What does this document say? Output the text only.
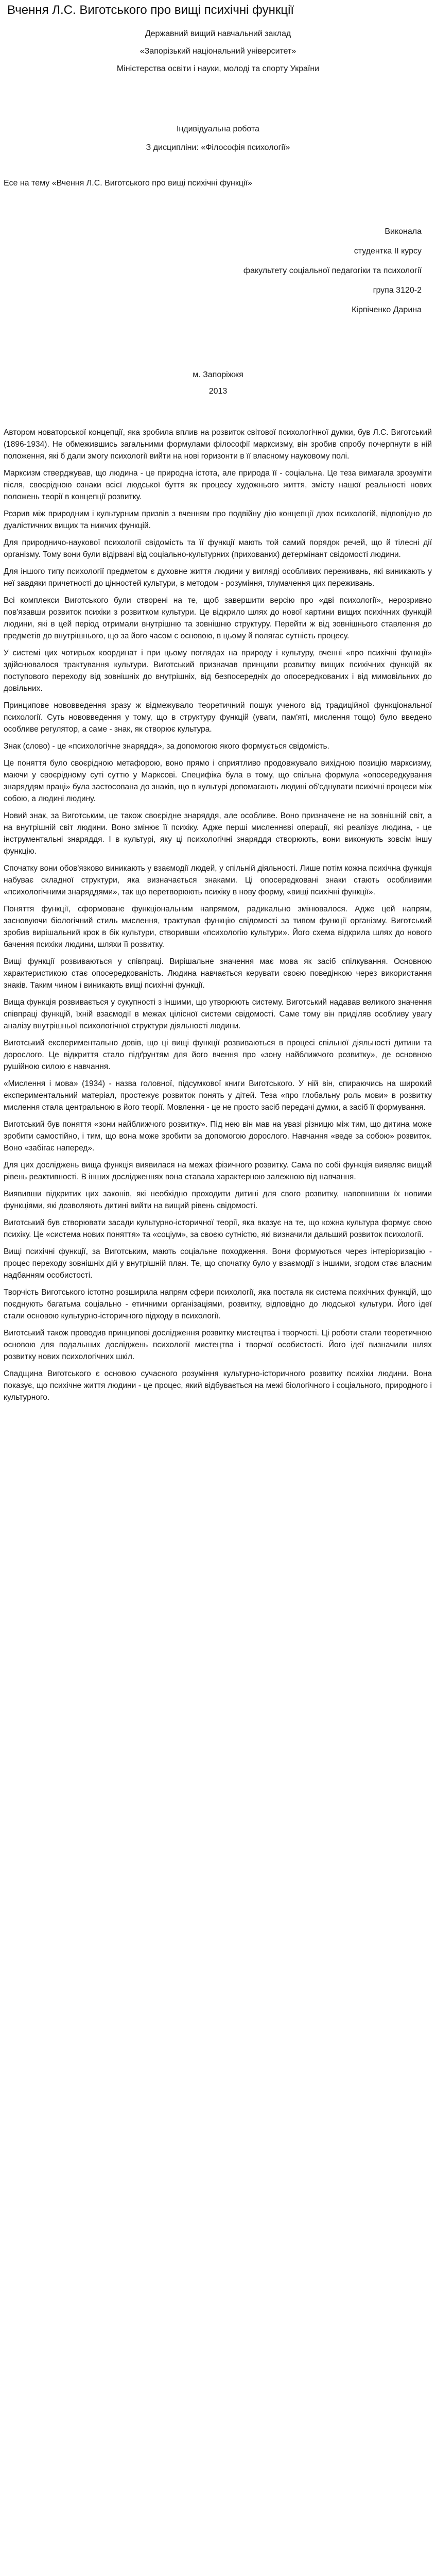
Вчення Л.С. Виготського про вищі психічні функції

Державний вищий навчальний заклад

«Запорізький національний університет»

Міністерства освіти і науки, молоді та спорту України

Індивідуальна робота

З дисципліни: «Філософія психології»

Есе на тему «Вчення Л.С. Виготського про вищі психічні функції»

Виконала

студентка ІІ курсу

факультету соціальної педагогіки та психології

група 3120-2

Кірпіченко Дарина

м. Запоріжжя

2013

Автором новаторської концепції, яка зробила вплив на розвиток світової психологічної думки, був Л.С. Виготський (1896-1934). Не обмежившись загальними формулами філософії марксизму, він зробив спробу почерпнути в ній положення, які б дали змогу психології вийти на нові горизонти в її власному науковому полі.

Марксизм стверджував, що людина - це природна істота, але природа її - соціальна. Це теза вимагала зрозуміти після, своєрідною ознаки всієї людської буття як процесу художнього життя, змісту нашої реальності нових положень теорії в концепції розвитку.

Розрив між природним і культурним призвів з вченням про подвійну дію концепції двох психологій, відповідно до дуалістичних вищих та нижчих функцій.

Для природничо-наукової психології свідомість та її функції мають той самий порядок речей, що й тілесні дії організму. Тому вони були відірвані від соціально-культурних (прихованих) детермінант свідомості людини.

Для іншого типу психології предметом є духовне життя людини у вигляді особливих переживань, які виникають у неї завдяки причетності до цінностей культури, в методом - розуміння, тлумачення цих переживань.

Всі комплекси Виготського були створені на те, щоб завершити версію про «дві психології», нерозривно пов'язавши розвиток психіки з розвитком культури. Це відкрило шлях до нової картини вищих психічних функцій людини, які в цей період отримали внутрішню та зовнішню структуру. Перейти ж від зовнішнього ставлення до предметів до внутрішнього, що за його часом є основою, в цьому й полягає сутність процесу.

У системі цих чотирьох координат і при цьому поглядах на природу і культуру, вченні «про психічні функції» здійснювалося трактування культури. Виготський призначав принципи розвитку вищих психічних функцій як поступового переходу від зовнішніх до внутрішніх, від безпосередніх до опосередкованих і від мимовільних до довільних.

Принципове нововведення зразу ж відмежувало теоретичний пошук ученого від традиційної функціональної психології. Суть нововведення у тому, що в структуру функцій (уваги, пам'яті, мислення тощо) було введено особливе регулятор, а саме - знак, як створює культура.

Знак (слово) - це «психологічне знаряддя», за допомогою якого формується свідомість.

Це поняття було своєрідною метафорою, воно прямо і сприятливо продовжувало вихідною позицію марксизму, маючи у своєрідному суті суттю у Марксові. Специфіка була в тому, що спільна формула «опосередкування знаряддям праці» була застосована до знаків, що в культурі допомагають людині об'єднувати психічні процеси між собою, а людині людину.

Новий знак, за Виготським, це також своєрідне знаряддя, але особливе. Воно призначене не на зовнішній світ, а на внутрішній світ людини. Воно змінює її психіку. Адже перші мисленнєві операції, які реалізує людина, - це інструментальні знаряддя. І в культурі, яку ці психологічні знаряддя створюють, вони виконують зовсім іншу функцію.

Спочатку вони обов'язково виникають у взаємодії людей, у спільній діяльності. Лише потім кожна психічна функція набуває складної структури, яка визначається знаками. Ці опосередковані знаки стають особливими «психологічними знаряддями», так що перетворюють психіку в нову форму, «вищі психічні функції».

Поняття функції, сформоване функціональним напрямом, радикально змінювалося. Адже цей напрям, засновуючи біологічний стиль мислення, трактував функцію свідомості за типом функції організму. Виготський зробив вирішальний крок в бік культури, створивши «психологію культури». Його схема відкрила шлях до нового бачення психіки людини, шляхи її розвитку.

Вищі функції розвиваються у співпраці. Вирішальне значення має мова як засіб спілкування. Основною характеристикою стає опосередкованість. Людина навчається керувати своєю поведінкою через використання знаків. Таким чином і виникають вищі психічні функції.

Вища функція розвивається у сукупності з іншими, що утворюють систему. Виготський надавав великого значення співпраці функцій, їхній взаємодії в межах цілісної системи свідомості. Саме тому він приділяв особливу увагу аналізу внутрішньої психологічної структури діяльності людини.

Виготський експериментально довів, що ці вищі функції розвиваються в процесі спільної діяльності дитини та дорослого. Це відкриття стало підґрунтям для його вчення про «зону найближчого розвитку», де основною рушійною силою є навчання.

«Мислення і мова» (1934) - назва головної, підсумкової книги Виготського. У ній він, спираючись на широкий експериментальний матеріал, простежує розвиток понять у дітей. Теза «про глобальну роль мови» в розвитку мислення стала центральною в його теорії. Мовлення - це не просто засіб передачі думки, а засіб її формування.

Виготський був поняття «зони найближчого розвитку». Під нею він мав на увазі різницю між тим, що дитина може зробити самостійно, і тим, що вона може зробити за допомогою дорослого. Навчання «веде за собою» розвиток. Воно «забігає наперед».

Для цих досліджень вища функція виявилася на межах фізичного розвитку. Сама по собі функція виявляє вищий рівень реактивності. В інших дослідженнях вона ставала характерною залежною від навчання.

Виявивши відкритих цих законів, які необхідно проходити дитині для свого розвитку, наповнивши їх новими функціями, які дозволяють дитині вийти на вищий рівень свідомості.

Виготський був створювати засади культурно-історичної теорії, яка вказує на те, що кожна культура формує свою психіку. Це «система нових поняття» та «соціум», за своєю сутністю, які визначили дальший розвиток психології.

Вищі психічні функції, за Виготським, мають соціальне походження. Вони формуються через інтеріоризацію - процес переходу зовнішніх дій у внутрішній план. Те, що спочатку було у взаємодії з іншими, згодом стає власним надбанням особистості.

Творчість Виготського істотно розширила напрям сфери психології, яка постала як система психічних функцій, що поєднують багатьма соціально - етичними організаціями, розвитку, відповідно до людської культури. Його ідеї стали основою культурно-історичного підходу в психології.

Виготський також проводив принципові дослідження розвитку мистецтва і творчості. Ці роботи стали теоретичною основою для подальших досліджень психології мистецтва і творчої особистості. Його ідеї визначили шлях розвитку нових психологічних шкіл.

Спадщина Виготського є основою сучасного розуміння культурно-історичного розвитку психіки людини. Вона показує, що психічне життя людини - це процес, який відбувається на межі біологічного і соціального, природного і культурного.
